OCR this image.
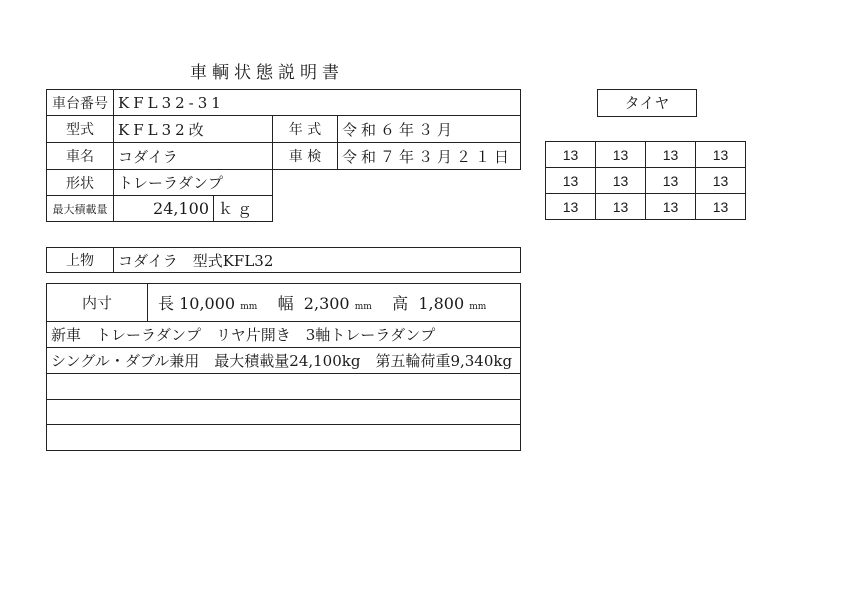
車輌状態説明書
車台番号	KFL32-31		
型式	KFL32改	年 式	令和６年３月
車名	コダイラ	車 検	令和７年３月２１日
形状	トレーラダンプ	
最大積載量	24,100	ｋｇ
タイヤ
13	13	13	13
13	13	13	13
13	13	13	13
上物	コダイラ　型式KFL32
内寸	長 10,000 mm 幅 2,300 mm 高 1,800 mm
新車　トレーラダンプ　リヤ片開き　3軸トレーラダンプ
シングル・ダブル兼用　最大積載量24,100kg　第五輪荷重9,340kg
